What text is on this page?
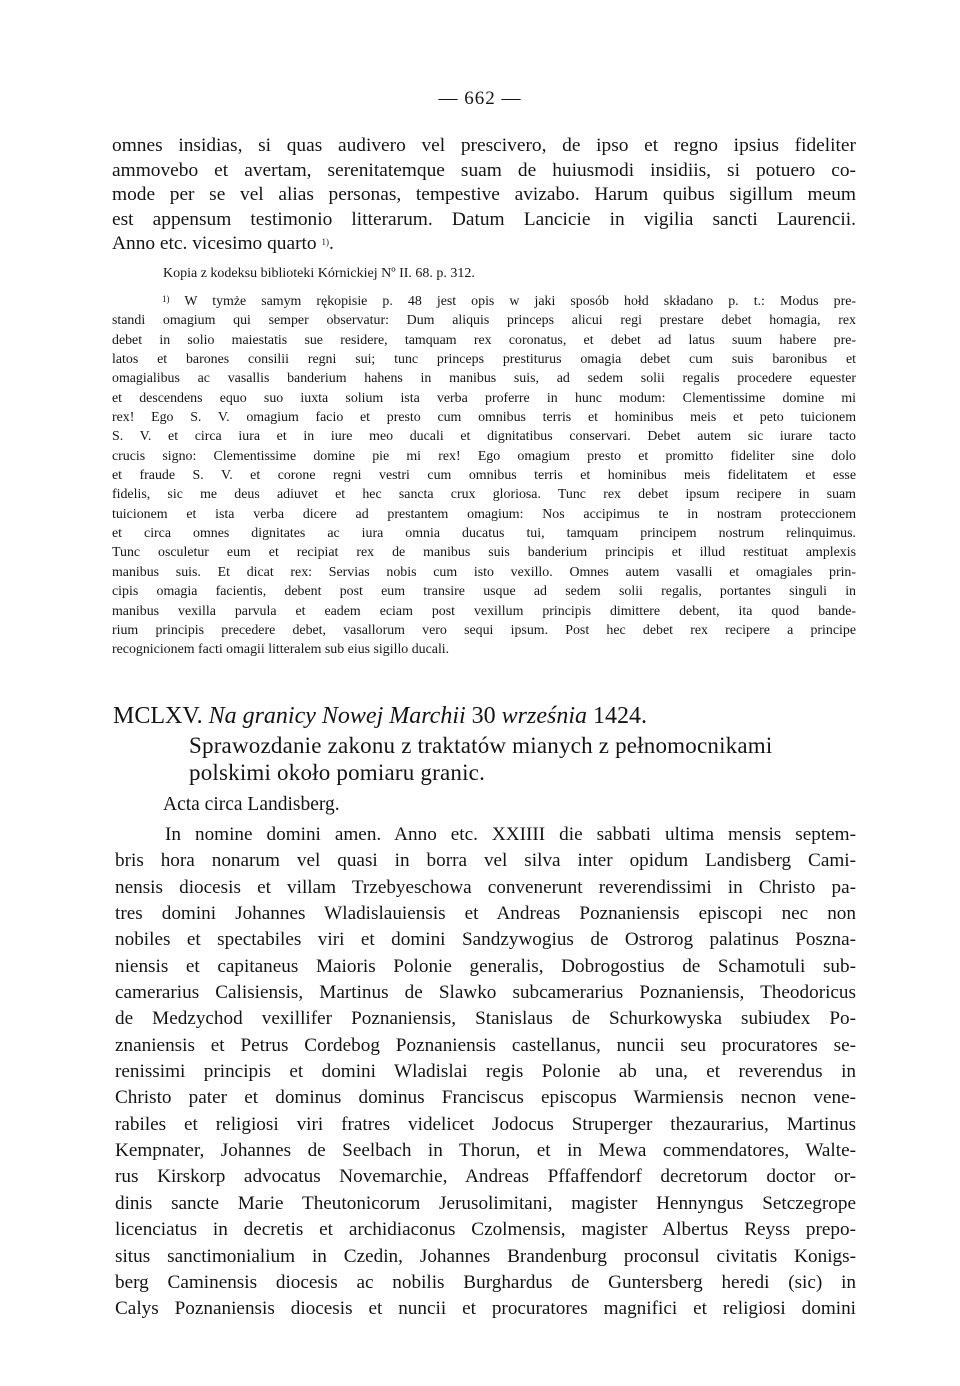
— 662 —
omnes insidias, si quas audivero vel prescivero, de ipso et regno ipsius fideliter
ammovebo et avertam, serenitatemque suam de huiusmodi insidiis, si potuero co-
mode per se vel alias personas, tempestive avizabo. Harum quibus sigillum meum
est appensum testimonio litterarum. Datum Lancicie in vigilia sancti Laurencii.
Anno etc. vicesimo quarto $^{1)}$.
Kopia z kodeksu biblioteki Kórnickiej Nº II. 68. p. 312.
$^{1)}$ W tymże samym rękopisie p. 48 jest opis w jaki sposób hołd składano p. t.: Modus pre-
standi omagium qui semper observatur: Dum aliquis princeps alicui regi prestare debet homagia, rex
debet in solio maiestatis sue residere, tamquam rex coronatus, et debet ad latus suum habere pre-
latos et barones consilii regni sui; tunc princeps prestiturus omagia debet cum suis baronibus et
omagialibus ac vasallis banderium hahens in manibus suis, ad sedem solii regalis procedere equester
et descendens equo suo iuxta solium ista verba proferre in hunc modum: Clementissime domine mi
rex! Ego S. V. omagium facio et presto cum omnibus terris et hominibus meis et peto tuicionem
S. V. et circa iura et in iure meo ducali et dignitatibus conservari. Debet autem sic iurare tacto
crucis signo: Clementissime domine pie mi rex! Ego omagium presto et promitto fideliter sine dolo
et fraude S. V. et corone regni vestri cum omnibus terris et hominibus meis fidelitatem et esse
fidelis, sic me deus adiuvet et hec sancta crux gloriosa. Tunc rex debet ipsum recipere in suam
tuicionem et ista verba dicere ad prestantem omagium: Nos accipimus te in nostram proteccionem
et circa omnes dignitates ac iura omnia ducatus tui, tamquam principem nostrum relinquimus.
Tunc osculetur eum et recipiat rex de manibus suis banderium principis et illud restituat amplexis
manibus suis. Et dicat rex: Servias nobis cum isto vexillo. Omnes autem vasalli et omagiales prin-
cipis omagia facientis, debent post eum transire usque ad sedem solii regalis, portantes singuli in
manibus vexilla parvula et eadem eciam post vexillum principis dimittere debent, ita quod bande-
rium principis precedere debet, vasallorum vero sequi ipsum. Post hec debet rex recipere a principe
recognicionem facti omagii litteralem sub eius sigillo ducali.
MCLXV. Na granicy Nowej Marchii 30 września 1424.
Sprawozdanie zakonu z traktatów mianych z pełnomocnikami
polskimi około pomiaru granic.
Acta circa Landisberg.
In nomine domini amen. Anno etc. XXIIII die sabbati ultima mensis septem-
bris hora nonarum vel quasi in borra vel silva inter opidum Landisberg Cami-
nensis diocesis et villam Trzebyeschowa convenerunt reverendissimi in Christo pa-
tres domini Johannes Wladislauiensis et Andreas Poznaniensis episcopi nec non
nobiles et spectabiles viri et domini Sandzywogius de Ostrorog palatinus Poszna-
niensis et capitaneus Maioris Polonie generalis, Dobrogostius de Schamotuli sub-
camerarius Calisiensis, Martinus de Slawko subcamerarius Poznaniensis, Theodoricus
de Medzychod vexillifer Poznaniensis, Stanislaus de Schurkowyska subiudex Po-
znaniensis et Petrus Cordebog Poznaniensis castellanus, nuncii seu procuratores se-
renissimi principis et domini Wladislai regis Polonie ab una, et reverendus in
Christo pater et dominus dominus Franciscus episcopus Warmiensis necnon vene-
rabiles et religiosi viri fratres videlicet Jodocus Struperger thezaurarius, Martinus
Kempnater, Johannes de Seelbach in Thorun, et in Mewa commendatores, Walte-
rus Kirskorp advocatus Novemarchie, Andreas Pffaffendorf decretorum doctor or-
dinis sancte Marie Theutonicorum Jerusolimitani, magister Hennyngus Setczegrope
licenciatus in decretis et archidiaconus Czolmensis, magister Albertus Reyss prepo-
situs sanctimonialium in Czedin, Johannes Brandenburg proconsul civitatis Konigs-
berg Caminensis diocesis ac nobilis Burghardus de Guntersberg heredi (sic) in
Calys Poznaniensis diocesis et nuncii et procuratores magnifici et religiosi domini
